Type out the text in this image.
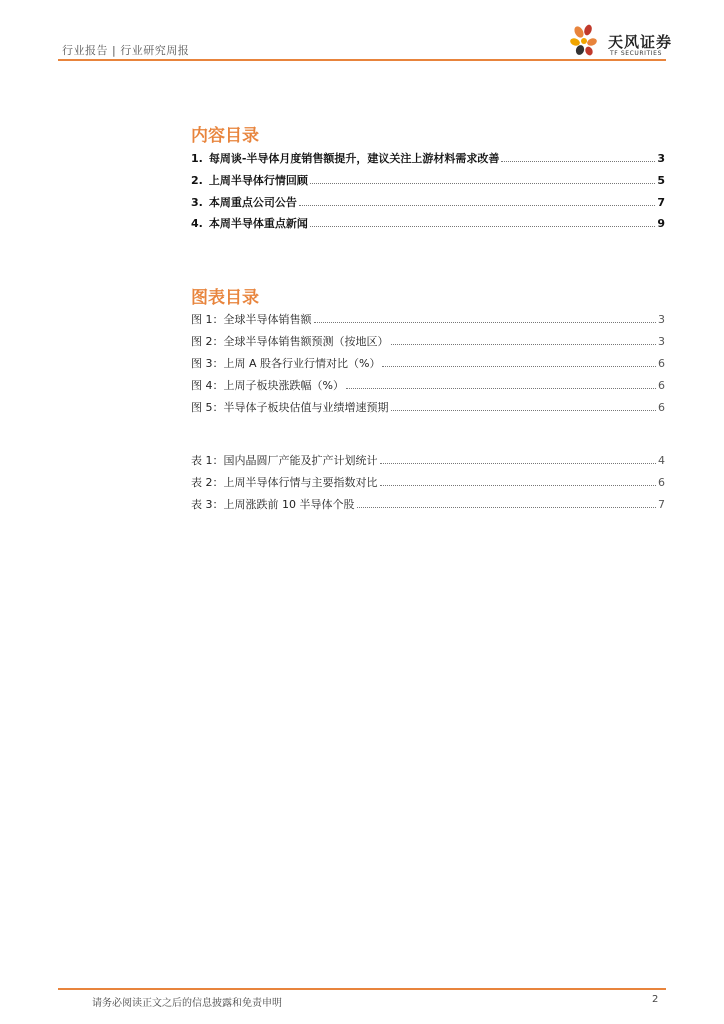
行业报告 | 行业研究周报	天风证券
TF SECURITIES
内容目录
1. 每周谈-半导体月度销售额提升，建议关注上游材料需求改善	3
2. 上周半导体行情回顾	5
3. 本周重点公司公告	7
4. 本周半导体重点新闻	9
图表目录
图 1： 全球半导体销售额	3
图 2： 全球半导体销售额预测（按地区）	3
图 3： 上周 A 股各行业行情对比（%）	6
图 4： 上周子板块涨跌幅（%）	6
图 5： 半导体子板块估值与业绩增速预期	6
表 1： 国内晶圆厂产能及扩产计划统计	4
表 2： 上周半导体行情与主要指数对比	6
表 3： 上周涨跌前 10 半导体个股	7
请务必阅读正文之后的信息披露和免责申明	2
